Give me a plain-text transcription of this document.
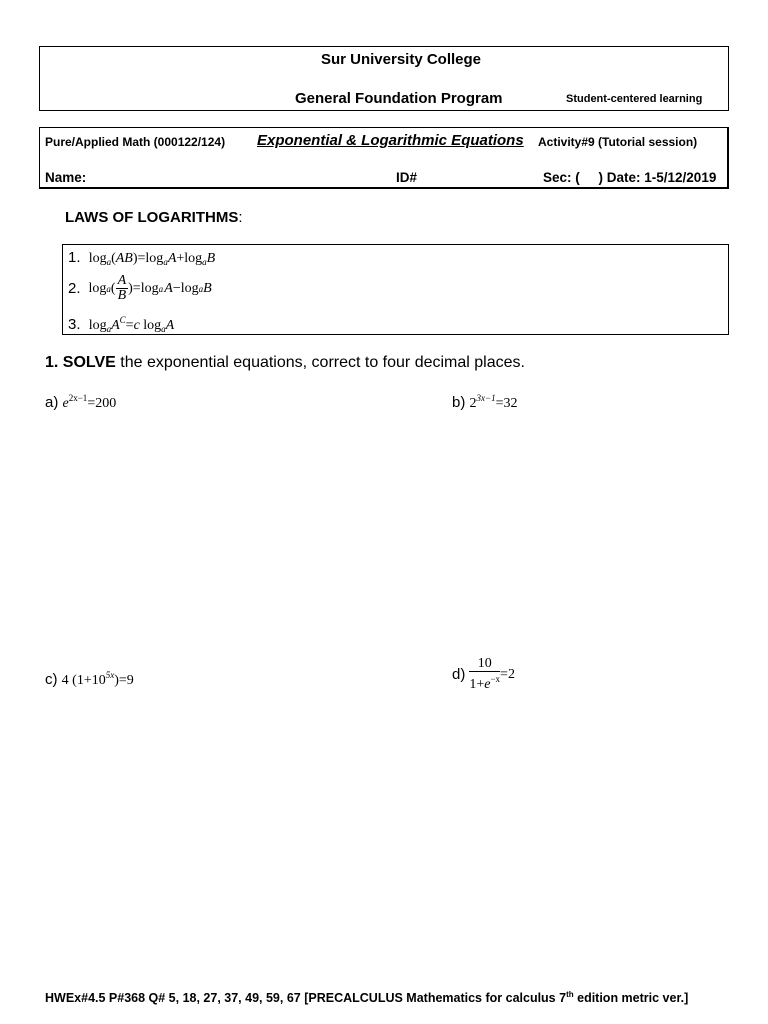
Sur University College
General Foundation Program	Student-centered learning
Pure/Applied Math (000122/124) Exponential & Logarithmic Equations Activity#9 (Tutorial session)
Name:	ID#	Sec: (     ) Date: 1-5/12/2019
LAWS OF LOGARITHMS:
1. $\log_a(AB)=\log_aA+\log_aB$
2. log a ( $\frac{A}{B} )=\log$ a  A −log a B
3. $\log_aA^C=c$ $\log_aA$
1. SOLVE the exponential equations, correct to four decimal places.
a) $e^{2x-1}=200$	b) $2^{3x-1}=32$
c) 4 $(1+10^{5x})=9$	$d) \frac{10}{1+e^{-x}} =2$
HWEx#4.5 P#368 Q# 5, 18, 27, 37, 49, 59, 67 [PRECALCULUS Mathematics for calculus 7th edition metric ver.]
